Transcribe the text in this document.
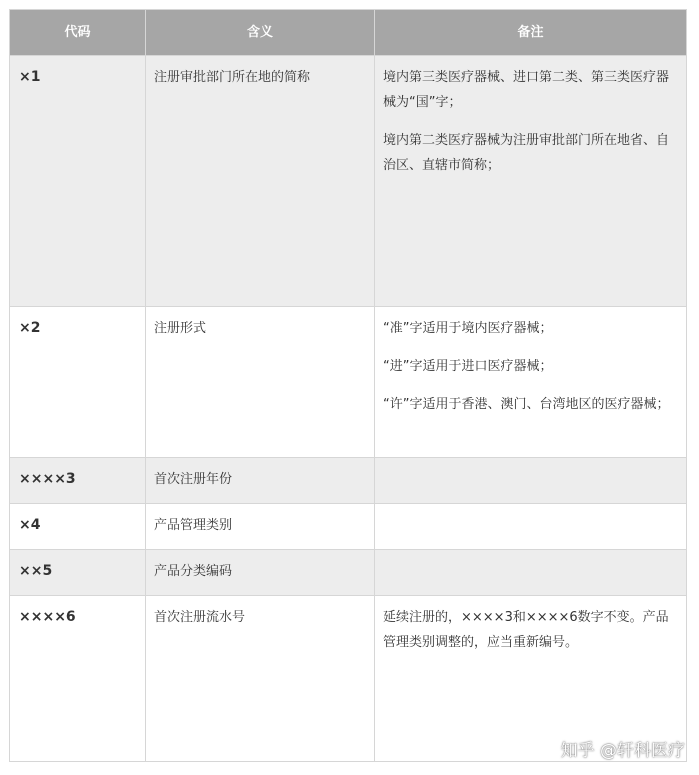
代码	含义	备注
×1	注册审批部门所在地的简称	境内第三类医疗器械、进口第二类、第三类医疗器械为“国”字；

境内第二类医疗器械为注册审批部门所在地省、自治区、直辖市简称；

×2	注册形式	“准”字适用于境内医疗器械；

“进”字适用于进口医疗器械；

“许”字适用于香港、澳门、台湾地区的医疗器械；

××××3	首次注册年份	
×4	产品管理类别	
××5	产品分类编码	
××××6	首次注册流水号	延续注册的，××××3和××××6数字不变。产品管理类别调整的，应当重新编号。

知乎 @轩科医疗
